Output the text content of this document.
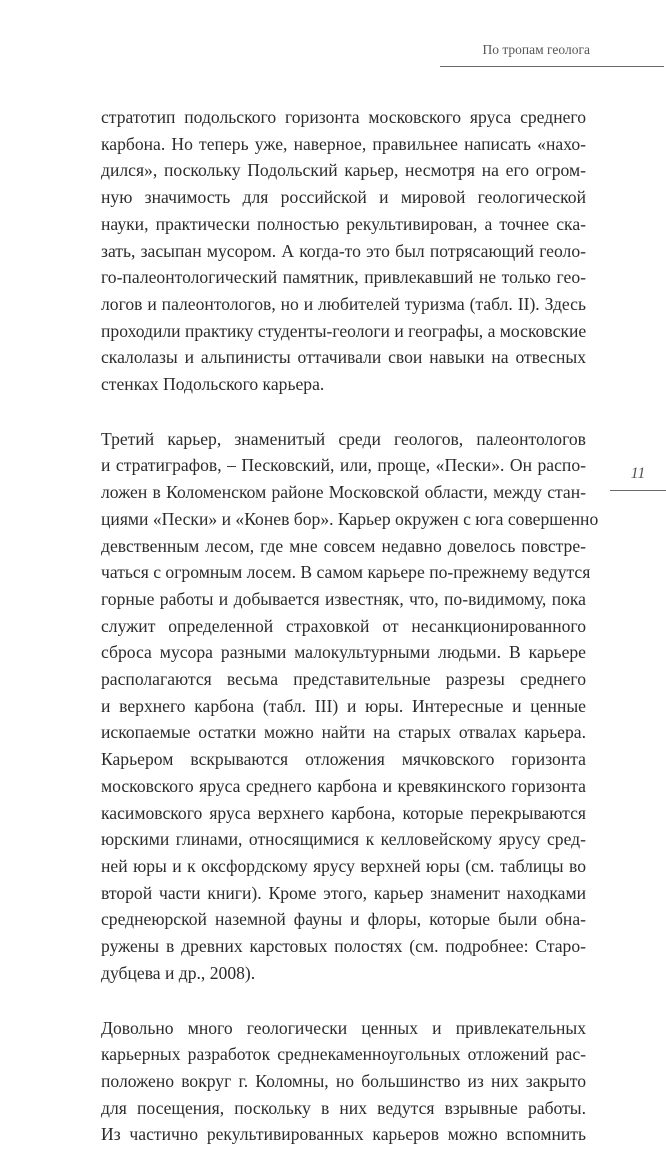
По тропам геолога
11

стратотип подольского горизонта московского яруса среднего
карбона. Но теперь уже, наверное, правильнее написать «нахо-
дился», поскольку Подольский карьер, несмотря на его огром-
ную значимость для российской и мировой геологической
науки, практически полностью рекультивирован, а точнее ска-
зать, засыпан мусором. А когда-то это был потрясающий геоло-
го-палеонтологический памятник, привлекавший не только гео-
логов и палеонтологов, но и любителей туризма (табл. II). Здесь
проходили практику студенты-геологи и географы, а московские
скалолазы и альпинисты оттачивали свои навыки на отвесных
стенках Подольского карьера.

Третий карьер, знаменитый среди геологов, палеонтологов
и стратиграфов, – Песковский, или, проще, «Пески». Он распо-
ложен в Коломенском районе Московской области, между стан-
циями «Пески» и «Конев бор». Карьер окружен с юга совершенно
девственным лесом, где мне совсем недавно довелось повстре-
чаться с огромным лосем. В самом карьере по-прежнему ведутся
горные работы и добывается известняк, что, по-видимому, пока
служит определенной страховкой от несанкционированного
сброса мусора разными малокультурными людьми. В карьере
располагаются весьма представительные разрезы среднего
и верхнего карбона (табл. III) и юры. Интересные и ценные
ископаемые остатки можно найти на старых отвалах карьера.
Карьером вскрываются отложения мячковского горизонта
московского яруса среднего карбона и кревякинского горизонта
касимовского яруса верхнего карбона, которые перекрываются
юрскими глинами, относящимися к келловейскому ярусу сред-
ней юры и к оксфордскому ярусу верхней юры (см. таблицы во
второй части книги). Кроме этого, карьер знаменит находками
среднеюрской наземной фауны и флоры, которые были обна-
ружены в древних карстовых полостях (см. подробнее: Старо-
дубцева и др., 2008).

Довольно много геологически ценных и привлекательных
карьерных разработок среднекаменноугольных отложений рас-
положено вокруг г. Коломны, но большинство из них закрыто
для посещения, поскольку в них ведутся взрывные работы.
Из частично рекультивированных карьеров можно вспомнить
